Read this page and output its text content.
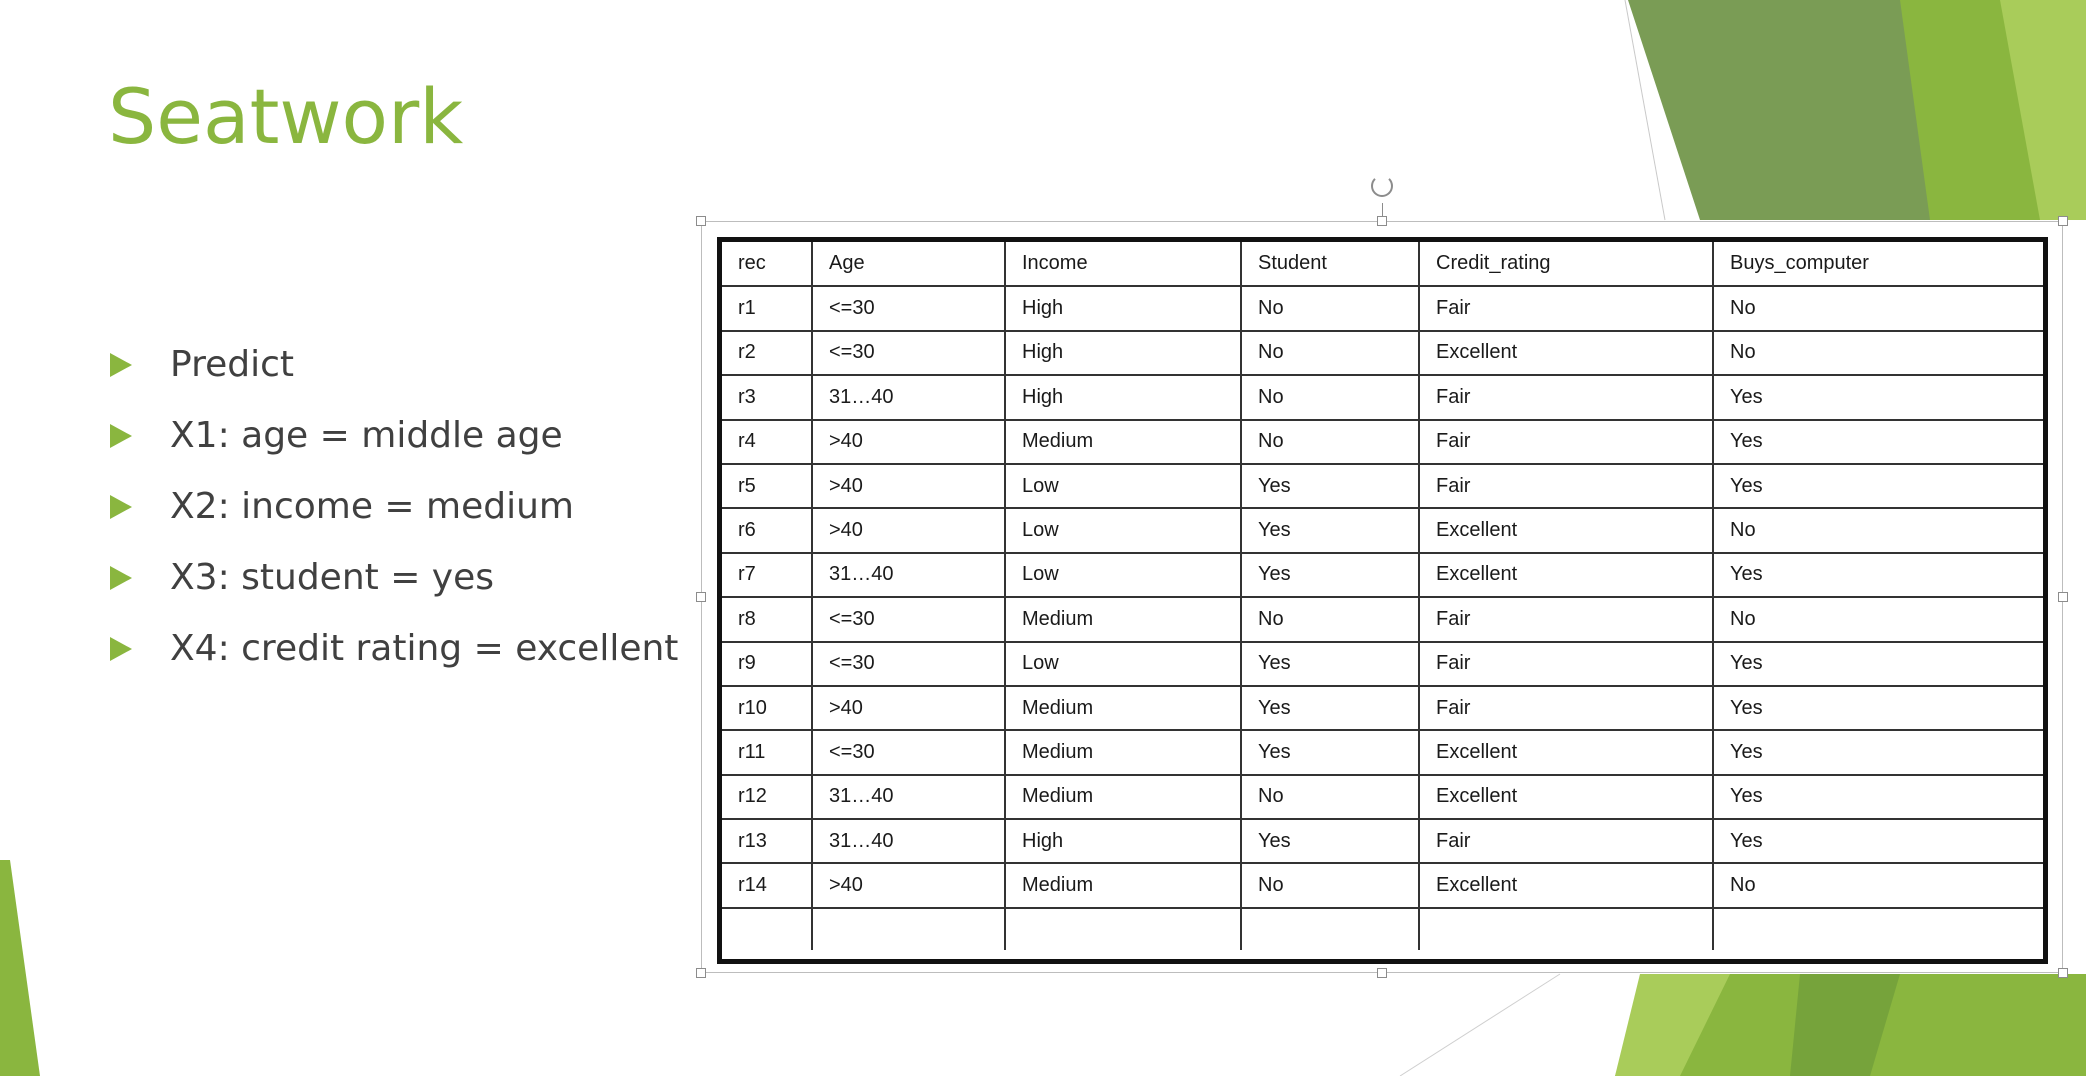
Seatwork
Predict
X1: age = middle age
X2: income = medium
X3: student = yes
X4: credit rating = excellent
rec	Age	Income	Student	Credit_rating	Buys_computer
r1	<=30	High	No	Fair	No
r2	<=30	High	No	Excellent	No
r3	31…40	High	No	Fair	Yes
r4	>40	Medium	No	Fair	Yes
r5	>40	Low	Yes	Fair	Yes
r6	>40	Low	Yes	Excellent	No
r7	31…40	Low	Yes	Excellent	Yes
r8	<=30	Medium	No	Fair	No
r9	<=30	Low	Yes	Fair	Yes
r10	>40	Medium	Yes	Fair	Yes
r11	<=30	Medium	Yes	Excellent	Yes
r12	31…40	Medium	No	Excellent	Yes
r13	31…40	High	Yes	Fair	Yes
r14	>40	Medium	No	Excellent	No
